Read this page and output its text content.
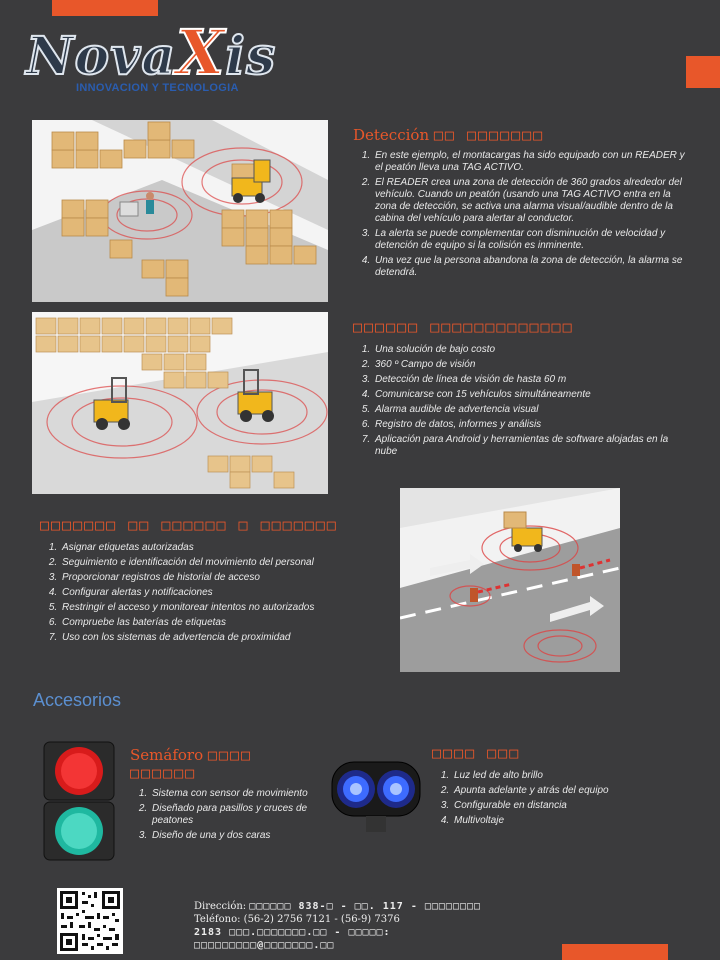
NovaXis
INNOVACION Y TECNOLOGIA
Detección □□ □□□□□□□
1. En este ejemplo, el montacargas ha sido equipado con un READER y el peatón lleva una TAG ACTIVO.
2. El READER crea una zona de detección de 360 grados alrededor del vehículo. Cuando un peatón (usando una TAG ACTIVO entra en la zona de detección, se activa una alarma visual/audible dentro de la cabina del vehículo para alertar al conductor.
3. La alerta se puede complementar con disminución de velocidad y detención de equipo si la colisión es inminente.
4. Una vez que la persona abandona la zona de detección, la alarma se detendrá.
□□□□□□ □□□□□□□□□□□□□
1. Una solución de bajo costo
2. 360 º Campo de visión
3. Detección de línea de visión de hasta 60 m
4. Comunicarse con 15 vehículos simultáneamente
5. Alarma audible de advertencia visual
6. Registro de datos, informes y análisis
7. Aplicación para Android y herramientas de software alojadas en la nube
□□□□□□□ □□ □□□□□□ □ □□□□□□□
1. Asignar etiquetas autorizadas
2. Seguimiento e identificación del movimiento del personal
3. Proporcionar registros de historial de acceso
4. Configurar alertas y notificaciones
5. Restringir el acceso y monitorear intentos no autorizados
6. Compruebe las baterías de etiquetas
7. Uso con los sistemas de advertencia de proximidad
Accesorios
Semáforo □□□□
□□□□□□
1. Sistema con sensor de movimiento
2. Diseñado para pasillos y cruces de peatones
3. Diseño de una y dos caras
□□□□ □□□
1. Luz led de alto brillo
2. Apunta adelante y atrás del equipo
3. Configurable en distancia
4. Multivoltaje
Dirección: □□□□□□ 838-□ - □□. 117 - □□□□□□□□
Teléfono: (56-2) 2756 7121 - (56-9) 7376
2183 □□□.□□□□□□□.□□ - □□□□□:
□□□□□□□□□@□□□□□□□.□□
